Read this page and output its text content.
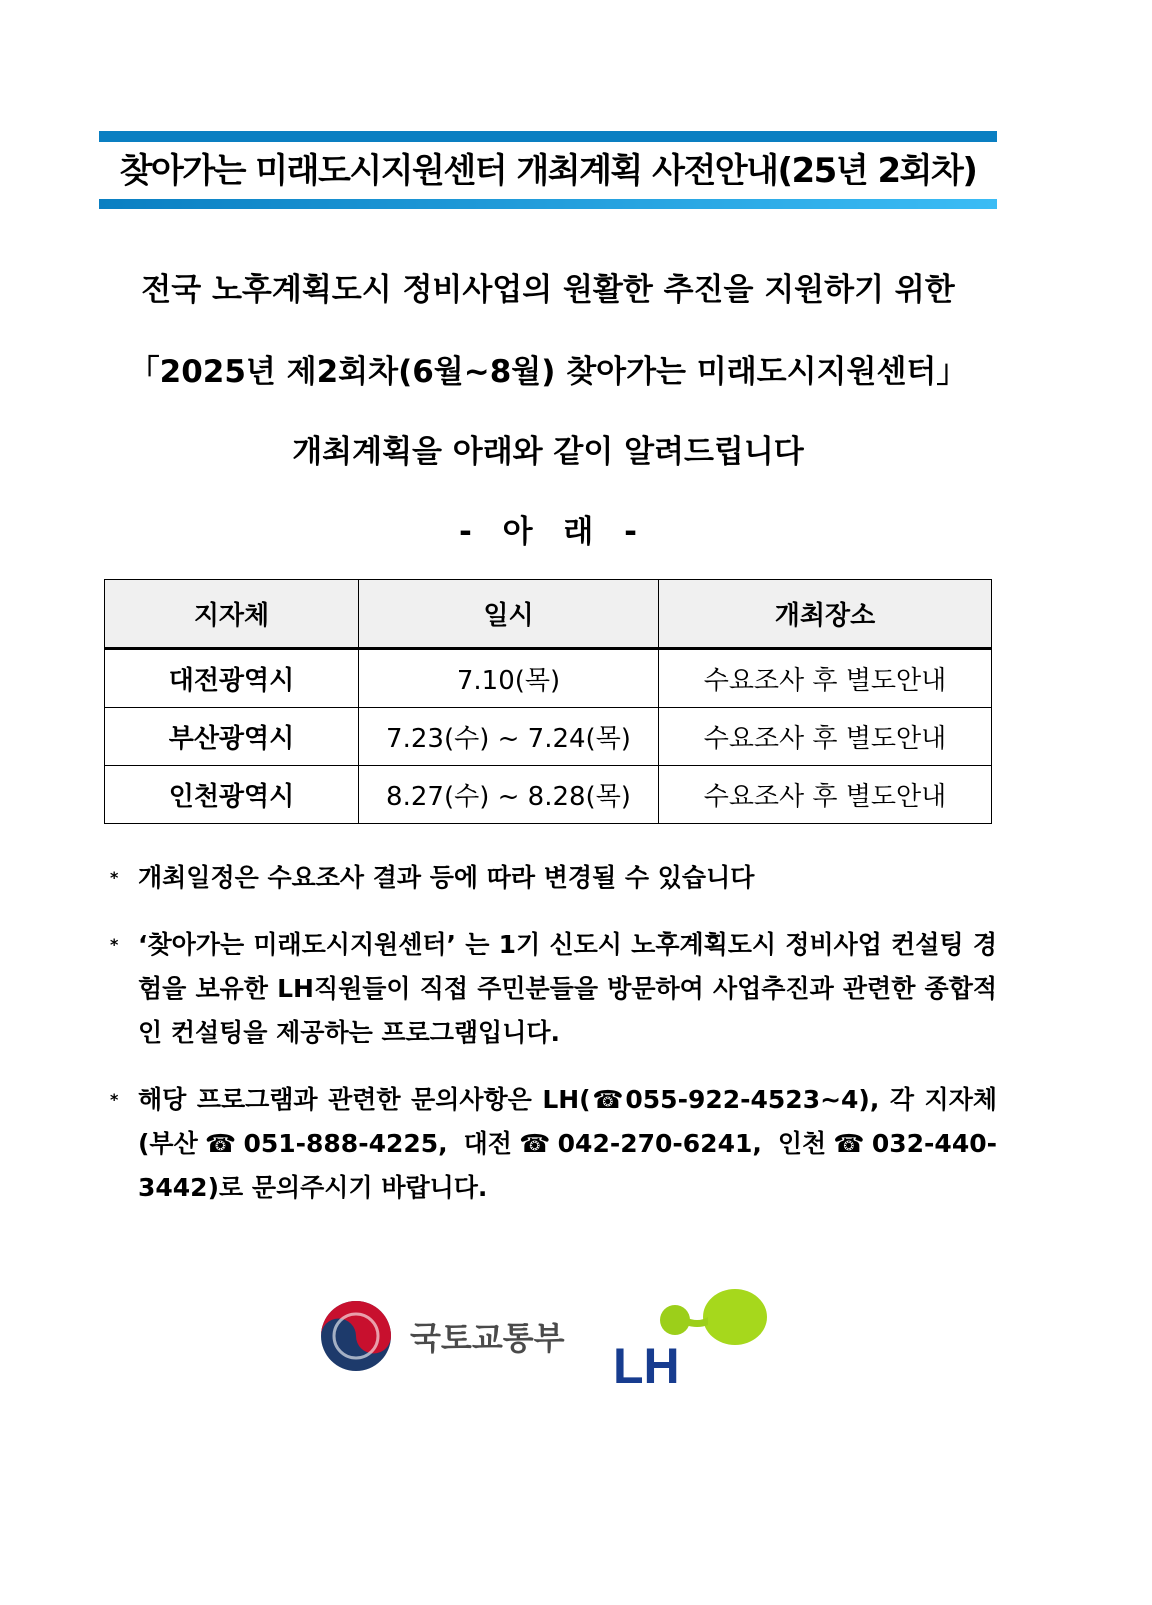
찾아가는 미래도시지원센터 개최계획 사전안내(25년 2회차)
전국 노후계획도시 정비사업의 원활한 추진을 지원하기 위한
「2025년 제2회차(6월~8월) 찾아가는 미래도시지원센터」
개최계획을 아래와 같이 알려드립니다
- 아 래 -
지자체	일시	개최장소
대전광역시	7.10(목)	수요조사 후 별도안내
부산광역시	7.23(수) ~ 7.24(목)	수요조사 후 별도안내
인천광역시	8.27(수) ~ 8.28(목)	수요조사 후 별도안내
* 개최일정은 수요조사 결과 등에 따라 변경될 수 있습니다
* ‘찾아가는 미래도시지원센터’ 는 1기 신도시 노후계획도시 정비사업 컨설팅 경험을 보유한 LH직원들이 직접 주민분들을 방문하여 사업추진과 관련한 종합적인 컨설팅을 제공하는 프로그램입니다.
* 해당 프로그램과 관련한 문의사항은 LH(☎055-922-4523~4), 각 지자체 (부산☎051-888-4225, 대전☎042-270-6241, 인천☎032-440-3442)로 문의주시기 바랍니다.
국토교통부 LH
